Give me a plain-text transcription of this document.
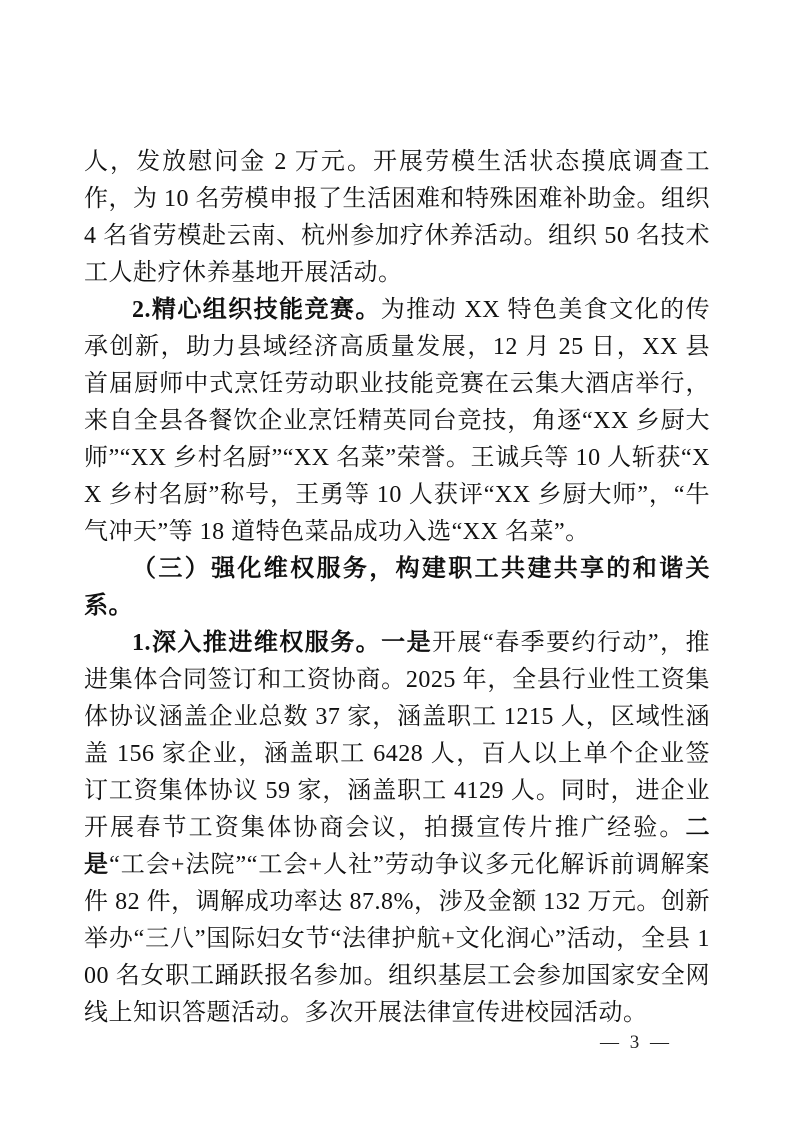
人，发放慰问金 2 万元。开展劳模生活状态摸底调查工作，为 10 名劳模申报了生活困难和特殊困难补助金。组织 4 名省劳模赴云南、杭州参加疗休养活动。组织 50 名技术工人赴疗休养基地开展活动。

2.精心组织技能竞赛。为推动 XX 特色美食文化的传承创新，助力县域经济高质量发展，12 月 25 日，XX 县首届厨师中式烹饪劳动职业技能竞赛在云集大酒店举行，来自全县各餐饮企业烹饪精英同台竞技，角逐“XX 乡厨大师”“XX 乡村名厨”“XX 名菜”荣誉。王诚兵等 10 人斩获“XX 乡村名厨”称号，王勇等 10 人获评“XX 乡厨大师”，“牛气冲天”等 18 道特色菜品成功入选“XX 名菜”。

（三）强化维权服务，构建职工共建共享的和谐关系。

1.深入推进维权服务。一是开展“春季要约行动”，推进集体合同签订和工资协商。2025 年，全县行业性工资集体协议涵盖企业总数 37 家，涵盖职工 1215 人，区域性涵盖 156 家企业，涵盖职工 6428 人，百人以上单个企业签订工资集体协议 59 家，涵盖职工 4129 人。同时，进企业开展春节工资集体协商会议，拍摄宣传片推广经验。二是“工会+法院”“工会+人社”劳动争议多元化解诉前调解案件 82 件，调解成功率达 87.8%，涉及金额 132 万元。创新举办“三八”国际妇女节“法律护航+文化润心”活动，全县 100 名女职工踊跃报名参加。组织基层工会参加国家安全网线上知识答题活动。多次开展法律宣传进校园活动。

— 3 —
